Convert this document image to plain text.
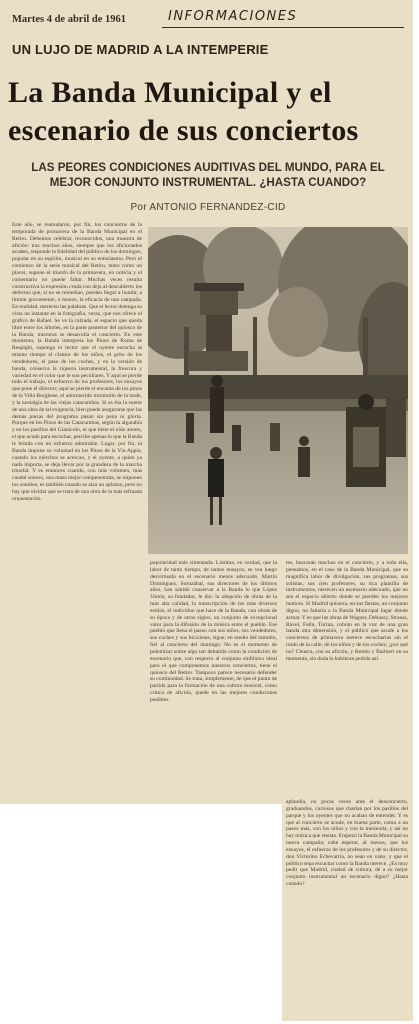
Martes 4 de abril de 1961	INFORMACIONES
UN LUJO DE MADRID A LA INTEMPERIE
La Banda Municipal y el
escenario de sus conciertos
LAS PEORES CONDICIONES AUDITIVAS DEL MUNDO, PARA EL
MEJOR CONJUNTO INSTRUMENTAL. ¿HASTA CUANDO?
Por ANTONIO FERNANDEZ-CID
Este año, se reanudaron, por fin, los conciertos de la temporada de primavera de la Banda Municipal en el Retiro. Debemos celebrar, reconocidos, una muestra de afición: tras muchos años, siempre que los aficionados acuden, responde la fidelidad del público de los domingos, popular en su espíritu, musical en su entusiasmo. Pero el comienzo de la serie musical del Retiro, tanto como un placer, supone el triunfo de la primavera, en noticia y el comentario no puede faltar. Muchas veces resulta constructiva la expresión cruda con deja al descubierto los defectos que, si no se remedian, pueden llegar a hundir, a limitar gravemente, o menos, la eficacia de una campaña. En realidad, merecen las palabras. Que el lector detenga su vista un instante en la fotografía, veraz, que nos ofrece el gráfico de Rafael. Se ve la calzada, el espacio que queda libre entre los árboles, en la parte posterior del quiosco de la Banda, mientras se desarrolla el concierto. En este momento, la Banda interpreta los Pinos de Roma de Respighi, suponga el lector que el oyente escucha al mismo tiempo el clamor de los niños, el grito de los vendedores, el paso de los coches, y en la versión de banda, conserva la riqueza instrumental, la frescura y variedad en el color que le son peculiares. Y aquí se pierde todo el trabajo, el esfuerzo de los profesores, los ensayos que pone el director; aquí se pierde el encanto de los pinos de la Villa Borghese, el adormecido murmullo de la tarde, y la nostalgia de las viejas catacumbas. Si es ésa la suerte de una obra de tal exigencia, bien puede asegurarse que las demás piezas del programa pasan sin pena ni gloria. Porque en los Pinos de las Catacumbas, según la algarabía y en los pasillos del Gianicolo, el que tiene el oído atento, el que acude para escuchar, percibe apenas lo que la Banda le brinda con un esfuerzo admirable. Lugar, por fin, la Banda impone su voluntad en los Pinos de la Vía Appia, cuando los ejércitos se acercan, y el oyente, a quien ya nada importa, se deja llevar por la grandeza de la marcha triunfal. Y es entonces cuando, con más volumen, más caudal sonoro, una masa mejor compenetrada, se imponen los sonidos; es también cuando se alza un aplauso, pero no hay que olvidar que se trata de una obra de la más refinada orquestación.
popularidad más cimentada. Lástima, en verdad, que la labor de tanto tiempo, de tantos ensayos, se vea luego desvirtuada en el escenario menos adecuado. Martín Domínguez, Sorozábal, sus directores de los últimos años, han sabido conservar a la Banda lo que López Varela, su fundador, le dio: la adopción de obras de la más alta calidad, la transcripción de los más diversos estilos, el individuo que hace de la Banda, con obras de su época y de otros siglos, un conjunto de excepcional valor para la difusión de la música entre el pueblo. Ese pueblo que llena el paseo con sus niños, sus vendedores, sus coches y sus bicicletas, sigue, en medio del tumulto, fiel al concierto del domingo. No es el momento de polemizar sobre algo tan debatido como la condición de escenario que, con respecto al conjunto sinfónico ideal para el que componemos nuestros conciertos, tiene el quiosco del Retiro. Tampoco parece necesario defender su continuidad. Se trata, simplemente, de que el punto de partida para la formación de una cultura musical, como crítica de afición, quede en las mejores condiciones posibles.
tes, buscarán muchos en el concierto, y a toda ella, pensamos, en el caso de la Banda Municipal, que su magnífica labor de divulgación, sus programas, sus solistas, sus cien profesores, su rica plantilla de instrumentos, merecen un escenario adecuado, que no sea el espacio abierto donde se pierden los mejores matices. Si Madrid quisiera, en sus fiestas, un conjunto digno, no faltaría a la Banda Municipal lugar donde actuar. Y es que las obras de Wagner, Debussy, Strauss, Ravel, Falla, Turina, cobran en la voz de una gran banda otra dimensión, y el público que acude a los conciertos de primavera merece escucharlas sin el ruido de la calle, de los niños y de los coches; ¿por qué no? Chueca, con su afición, y Bretón y Barbieri en su momento, sin duda lo hubieran pedido así.
aplaudía, no pocas veces ante el desconcierto, graduandos, curiosos que charlan por los pasillos del parque y los oyentes que no acaban de entender. Y es que al concierto se acude, en buena parte, como a un paseo más, con los niños y con la merienda, y así no hay música que resista. Empezó la Banda Municipal su nueva campaña; cabe esperar, al menos, que los ensayos, el esfuerzo de los profesores y de su director, don Victorino Echevarría, no sean en vano, y que el público sepa escuchar como la Banda merece. ¿Es muy pedir que Madrid, ciudad de cultura, dé a su mejor conjunto instrumental un escenario digno? ¿Hasta cuándo?
